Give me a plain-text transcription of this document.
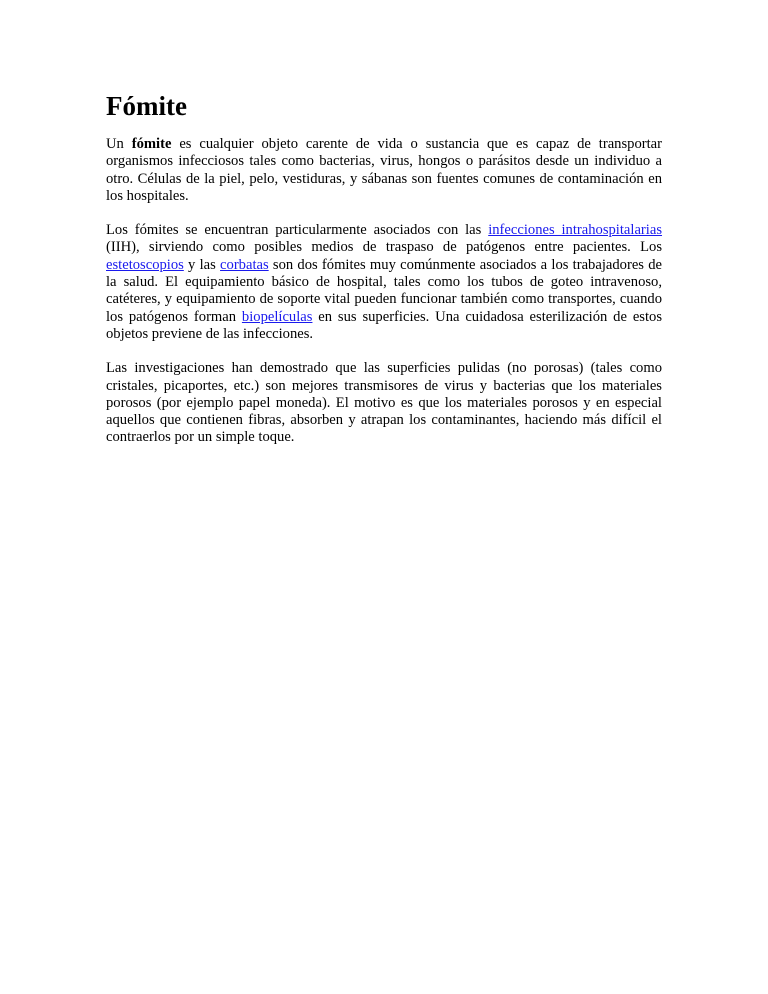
Fómite

Un fómite es cualquier objeto carente de vida o sustancia que es capaz de transportar organismos infecciosos tales como bacterias, virus, hongos o parásitos desde un individuo a otro. Células de la piel, pelo, vestiduras, y sábanas son fuentes comunes de contaminación en los hospitales.

Los fómites se encuentran particularmente asociados con las infecciones intrahospitalarias (IIH), sirviendo como posibles medios de traspaso de patógenos entre pacientes. Los estetoscopios y las corbatas son dos fómites muy comúnmente asociados a los trabajadores de la salud. El equipamiento básico de hospital, tales como los tubos de goteo intravenoso, catéteres, y equipamiento de soporte vital pueden funcionar también como transportes, cuando los patógenos forman biopelículas en sus superficies. Una cuidadosa esterilización de estos objetos previene de las infecciones.

Las investigaciones han demostrado que las superficies pulidas (no porosas) (tales como cristales, picaportes, etc.) son mejores transmisores de virus y bacterias que los materiales porosos (por ejemplo papel moneda). El motivo es que los materiales porosos y en especial aquellos que contienen fibras, absorben y atrapan los contaminantes, haciendo más difícil el contraerlos por un simple toque.
